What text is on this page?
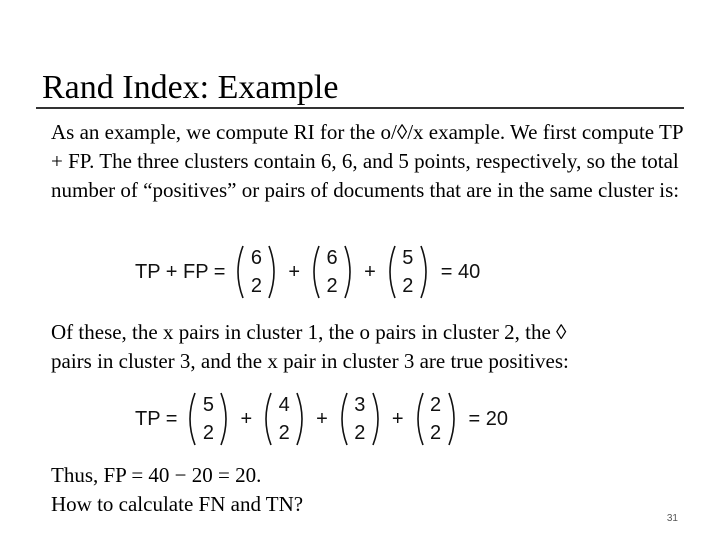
Rand Index: Example
As an example, we compute RI for the o/◊/x example. We first compute TP + FP. The three clusters contain 6, 6, and 5 points, respectively, so the total number of “positives” or pairs of documents that are in the same cluster is:
TP + FP =
6
2
+
6
2
+
5
2
= 40
Of these, the x pairs in cluster 1, the o pairs in cluster 2, the ◊
pairs in cluster 3, and the x pair in cluster 3 are true positives:
TP =
5
2
+
4
2
+
3
2
+
2
2
= 20
Thus, FP = 40 − 20 = 20.
How to calculate FN and TN?
31
